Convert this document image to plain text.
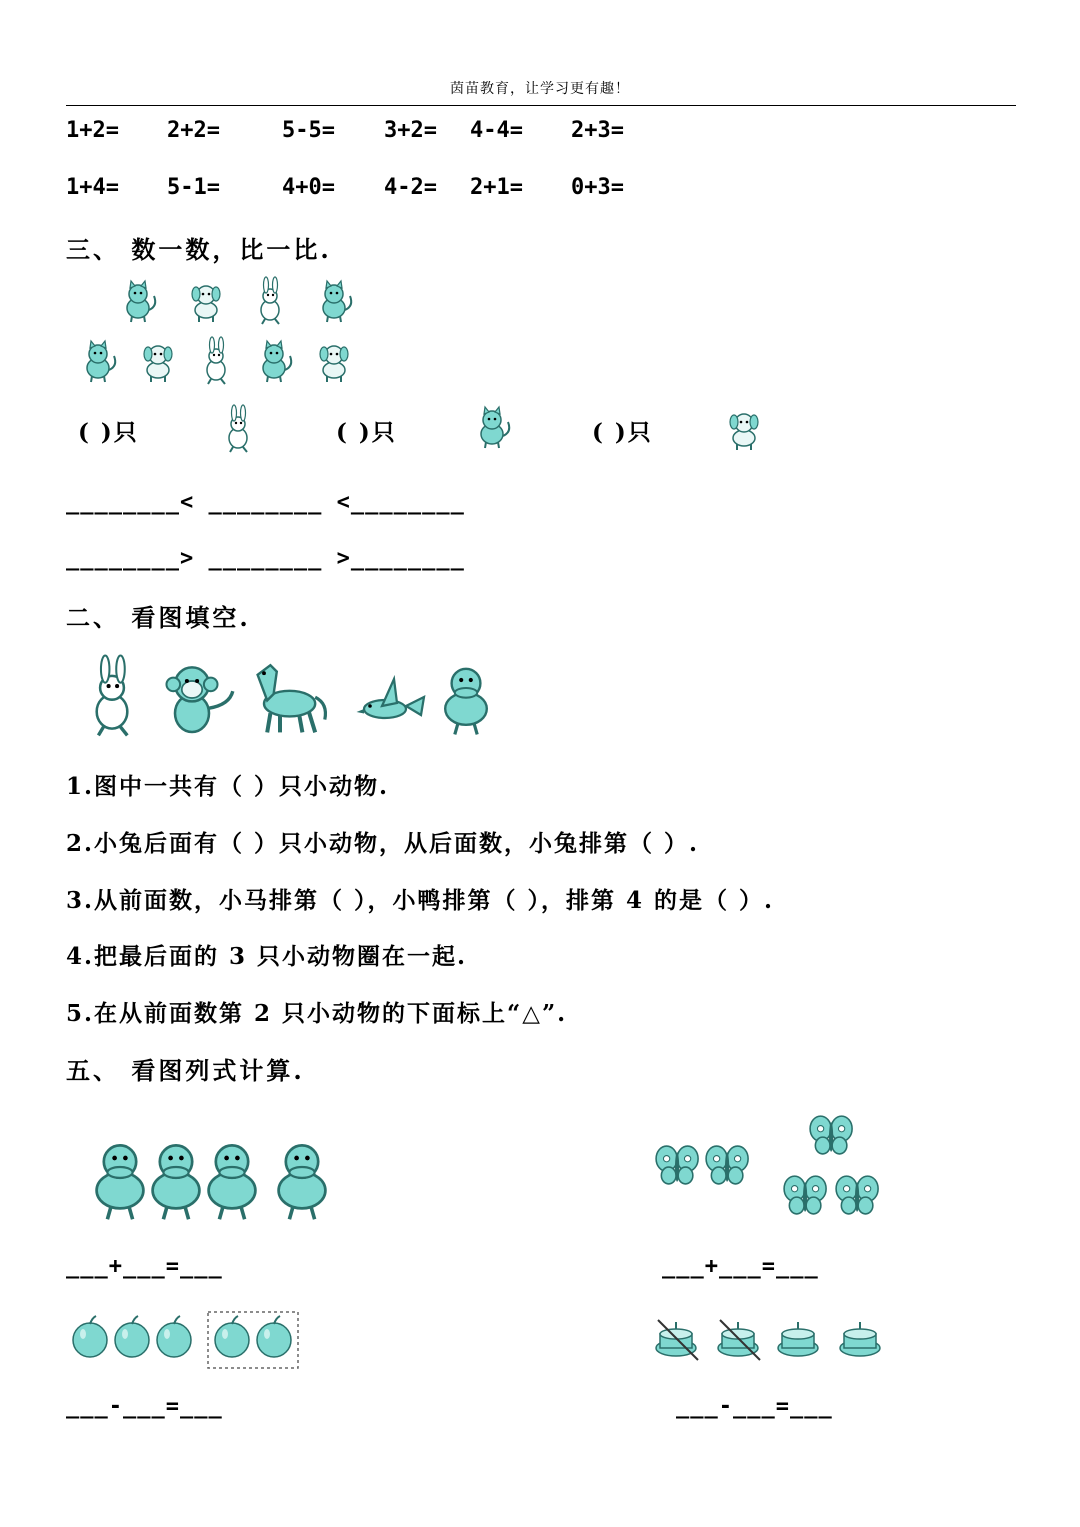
茵苗教育，让学习更有趣！
1+2= 2+2=	5-5= 3+2= 4-4= 2+3=
1+4= 5-1=	4+0= 4-2= 2+1= 0+3=
三、 数一数，比一比.
( )只	( )只	( )只
________< ________ <________
________> ________ >________
二、 看图填空.
1.图中一共有（ ）只小动物.
2.小兔后面有（ ）只小动物，从后面数，小兔排第（ ）.
3.从前面数，小马排第（ ），小鸭排第（ ），排第 4 的是（ ）.
4.把最后面的 3 只小动物圈在一起.
5.在从前面数第 2 只小动物的下面标上“△”.
五、 看图列式计算.
___+___=___	___+___=___
___-___=___	___-___=___
